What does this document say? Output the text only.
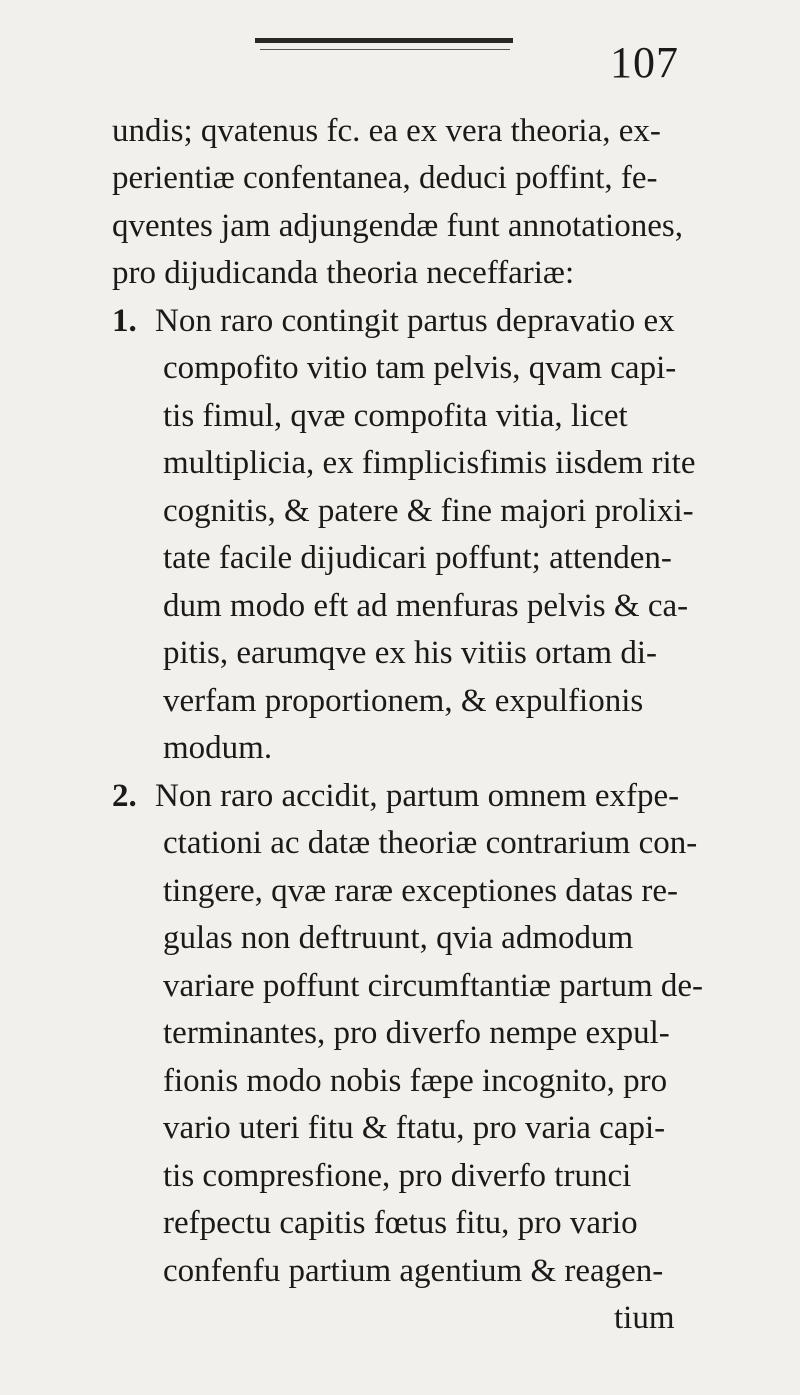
107
undis; qvatenus fc. ea ex vera theoria, ex-
perientiæ confentanea, deduci poffint, fe-
qventes jam adjungendæ funt annotationes,
pro dijudicanda theoria neceffariæ:
1. Non raro contingit partus depravatio ex
compofito vitio tam pelvis, qvam capi-
tis fimul, qvæ compofita vitia, licet
multiplicia, ex fimplicisfimis iisdem rite
cognitis, & patere & fine majori prolixi-
tate facile dijudicari poffunt; attenden-
dum modo eft ad menfuras pelvis & ca-
pitis, earumqve ex his vitiis ortam di-
verfam proportionem, & expulfionis
modum.
2. Non raro accidit, partum omnem exfpe-
ctationi ac datæ theoriæ contrarium con-
tingere, qvæ raræ exceptiones datas re-
gulas non deftruunt, qvia admodum
variare poffunt circumftantiæ partum de-
terminantes, pro diverfo nempe expul-
fionis modo nobis fæpe incognito, pro
vario uteri fitu & ftatu, pro varia capi-
tis compresfione, pro diverfo trunci
refpectu capitis fœtus fitu, pro vario
confenfu partium agentium & reagen-
tium
